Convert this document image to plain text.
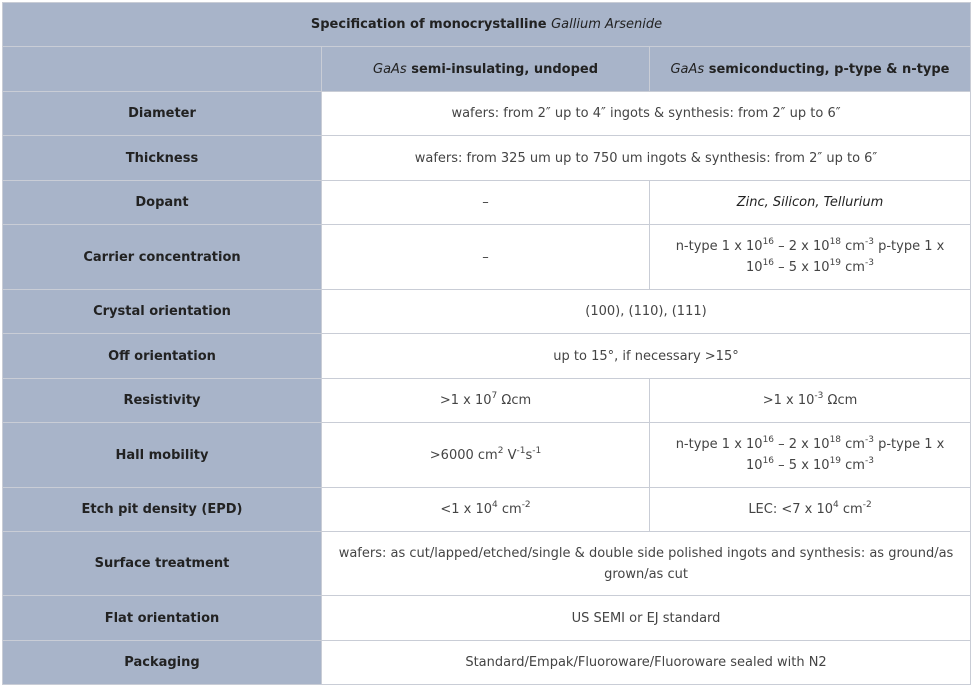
Specification of monocrystalline Gallium Arsenide		
	GaAs semi-insulating, undoped	GaAs semiconducting, p-type & n-type
Diameter	wafers: from 2″ up to 4″ ingots & synthesis: from 2″ up to 6″	
Thickness	wafers: from 325 um up to 750 um ingots & synthesis: from 2″ up to 6″	
Dopant	–	Zinc, Silicon, Tellurium
Carrier concentration	–	n-type 1 x $10^{16} - 2$ x $10^{18}$ $cm^{-3}$ p-type 1 x $10^{16} - 5$ x $10^{19}$ $cm^{-3}$
Crystal orientation	(100), (110), (111)	
Off orientation	up to 15°, if necessary >15°	
Resistivity	>1 x $10^7$ Ωcm	>1 x $10^{-3}$ Ωcm
Hall mobility	>6000 $cm^2$ $V^{-1}s^{-1}$	n-type 1 x $10^{16} - 2$ x $10^{18}$ $cm^{-3}$ p-type 1 x $10^{16} - 5$ x $10^{19}$ $cm^{-3}$
Etch pit density (EPD)	<1 x $10^4$ $cm^{-2}$	LEC: <7 x $10^4$ $cm^{-2}$
Surface treatment	wafers: as cut/lapped/etched/single & double side polished ingots and synthesis: as ground/as grown/as cut	
Flat orientation	US SEMI or EJ standard	
Packaging	Standard/Empak/Fluoroware/Fluoroware sealed with N2	
